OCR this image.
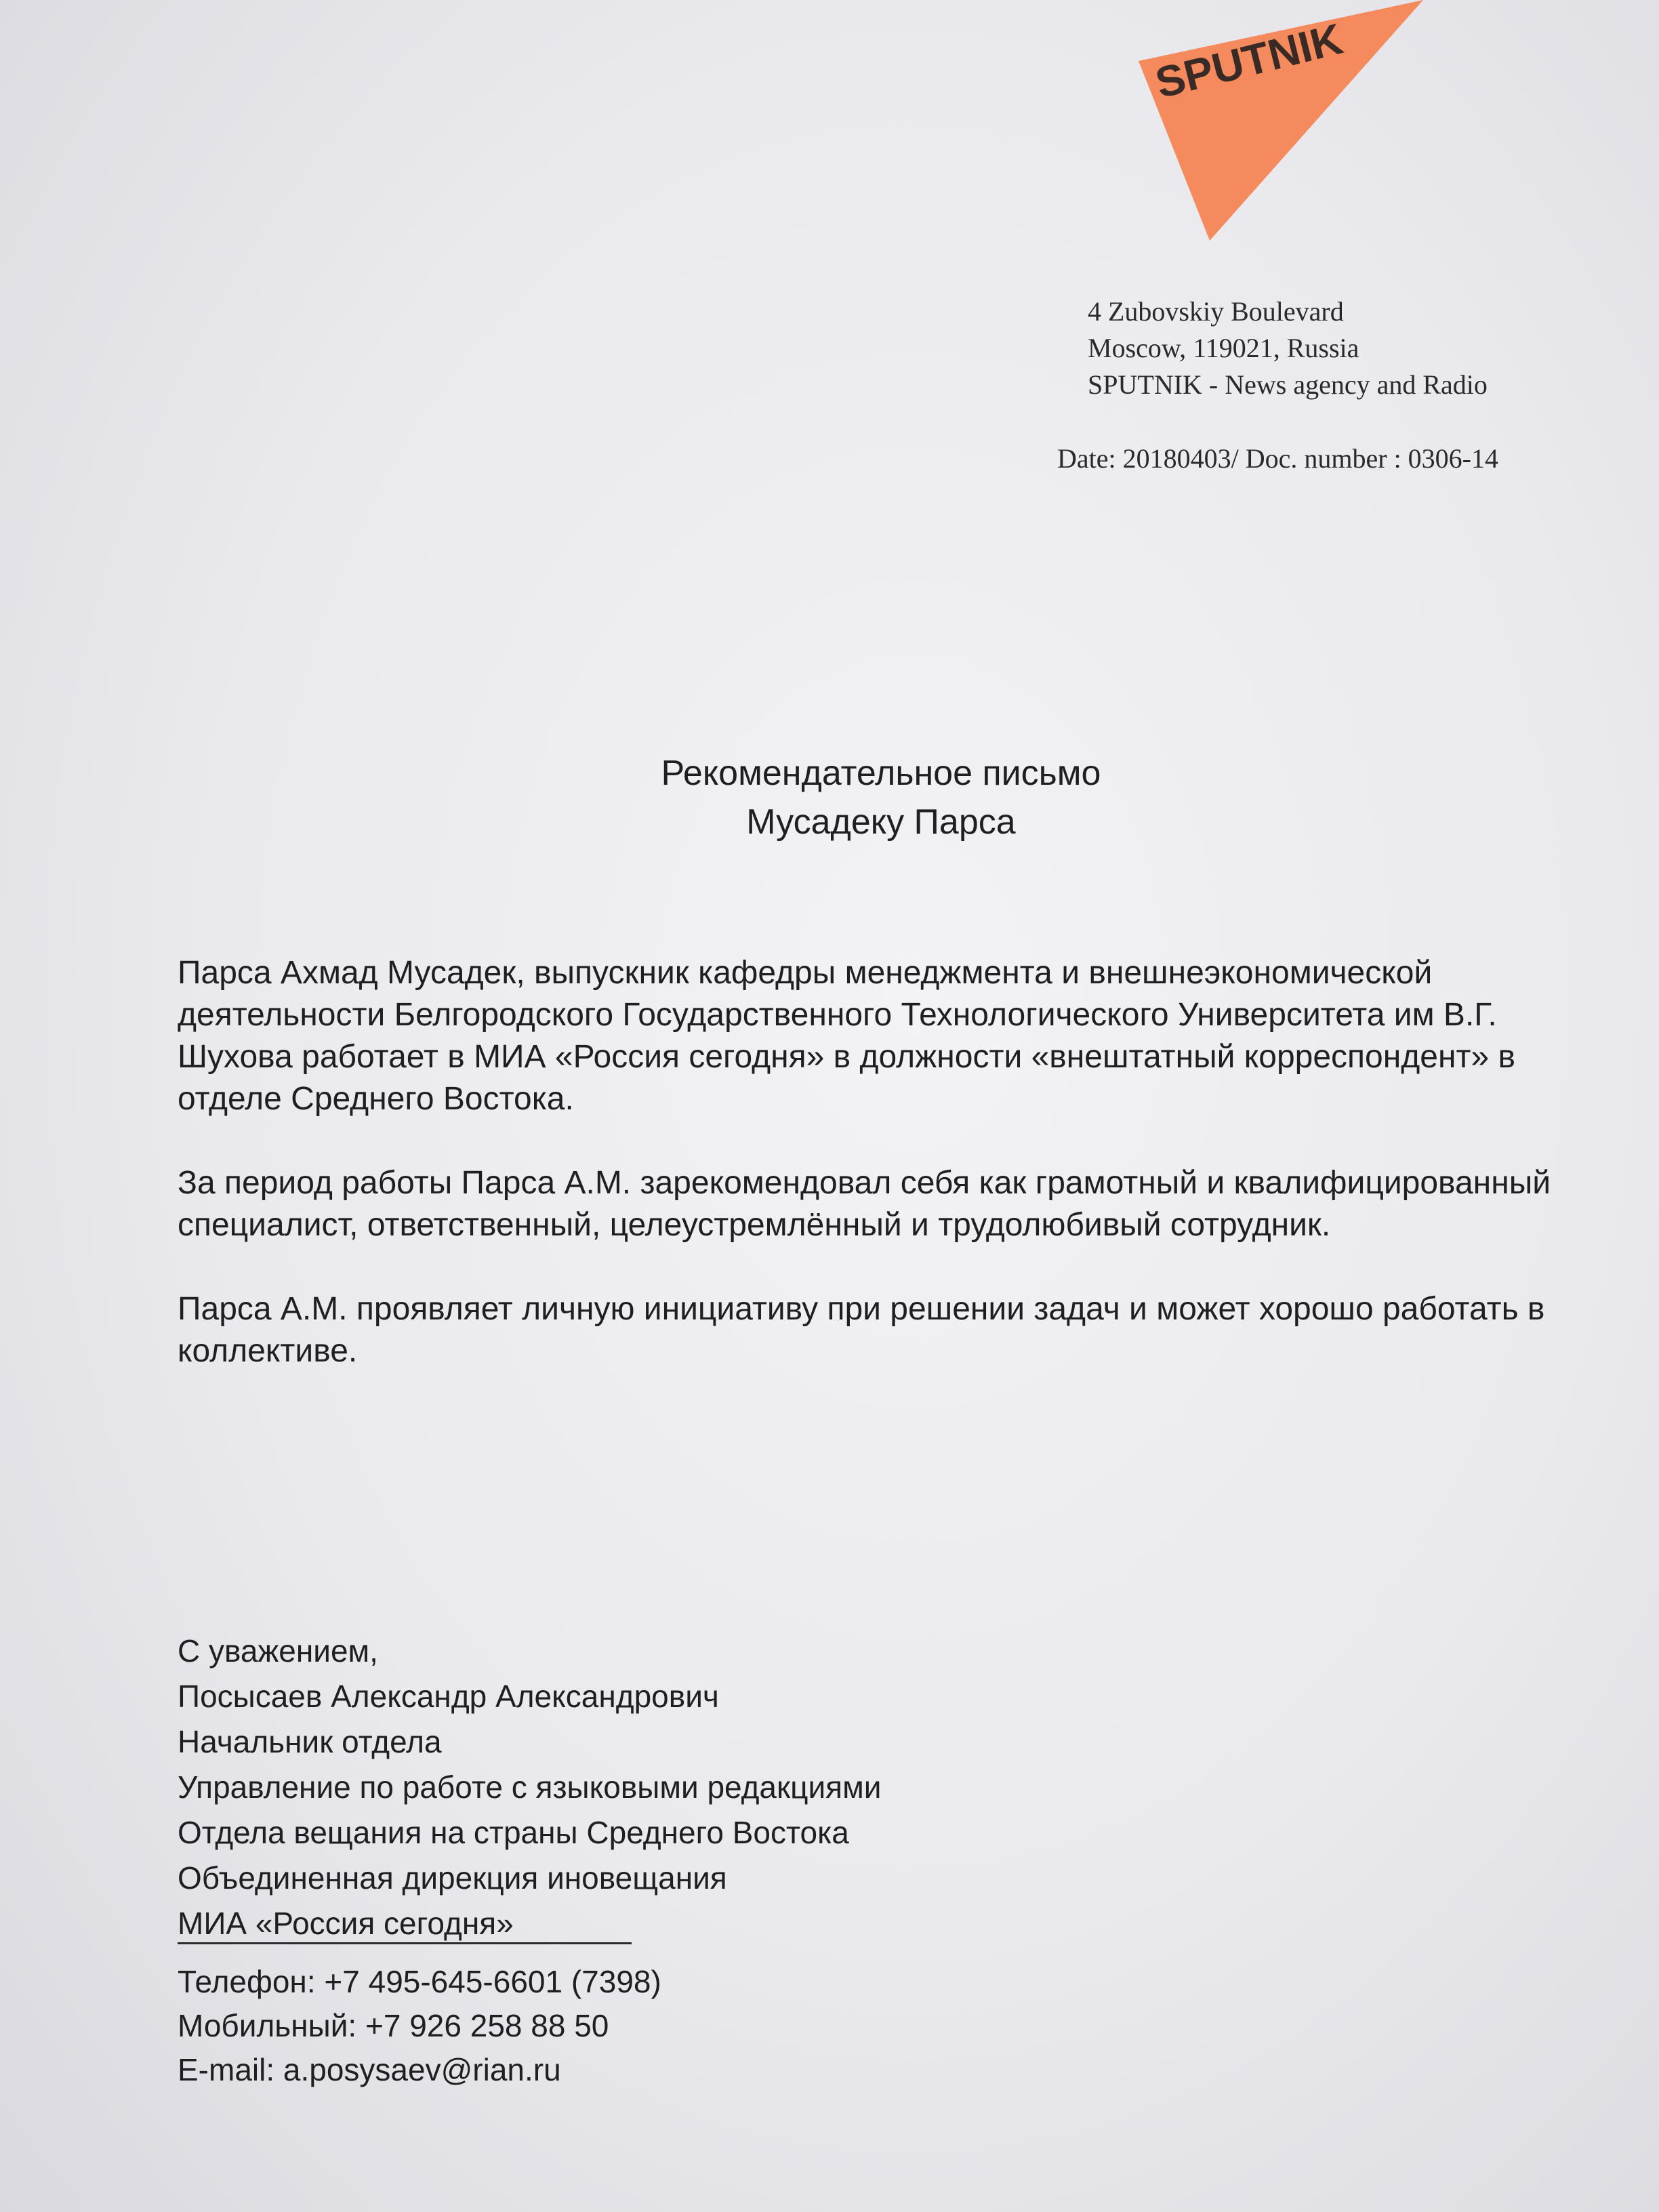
SPUTNIK
4 Zubovskiy Boulevard
Moscow, 119021, Russia
SPUTNIK - News agency and Radio
Date: 20180403/ Doc. number : 0306-14
Рекомендательное письмо
Мусадеку Парса

Парса Ахмад Мусадек, выпускник кафедры менеджмента и внешнеэкономической деятельности Белгородского Государственного Технологического Университета им В.Г. Шухова работает в МИА «Россия сегодня» в должности «внештатный корреспондент» в отделе Среднего Востока.

За период работы Парса А.М. зарекомендовал себя как грамотный и квалифицированный специалист, ответственный, целеустремлённый и трудолюбивый сотрудник.

Парса А.М. проявляет личную инициативу при решении задач и может хорошо работать в коллективе.

С уважением,
Посысаев Александр Александрович
Начальник отдела
Управление по работе с языковыми редакциями
Отдела вещания на страны Среднего Востока
Объединенная дирекция иновещания
МИА «Россия сегодня»
Телефон: +7 495-645-6601 (7398)
Мобильный: +7 926 258 88 50
E-mail: a.posysaev@rian.ru
